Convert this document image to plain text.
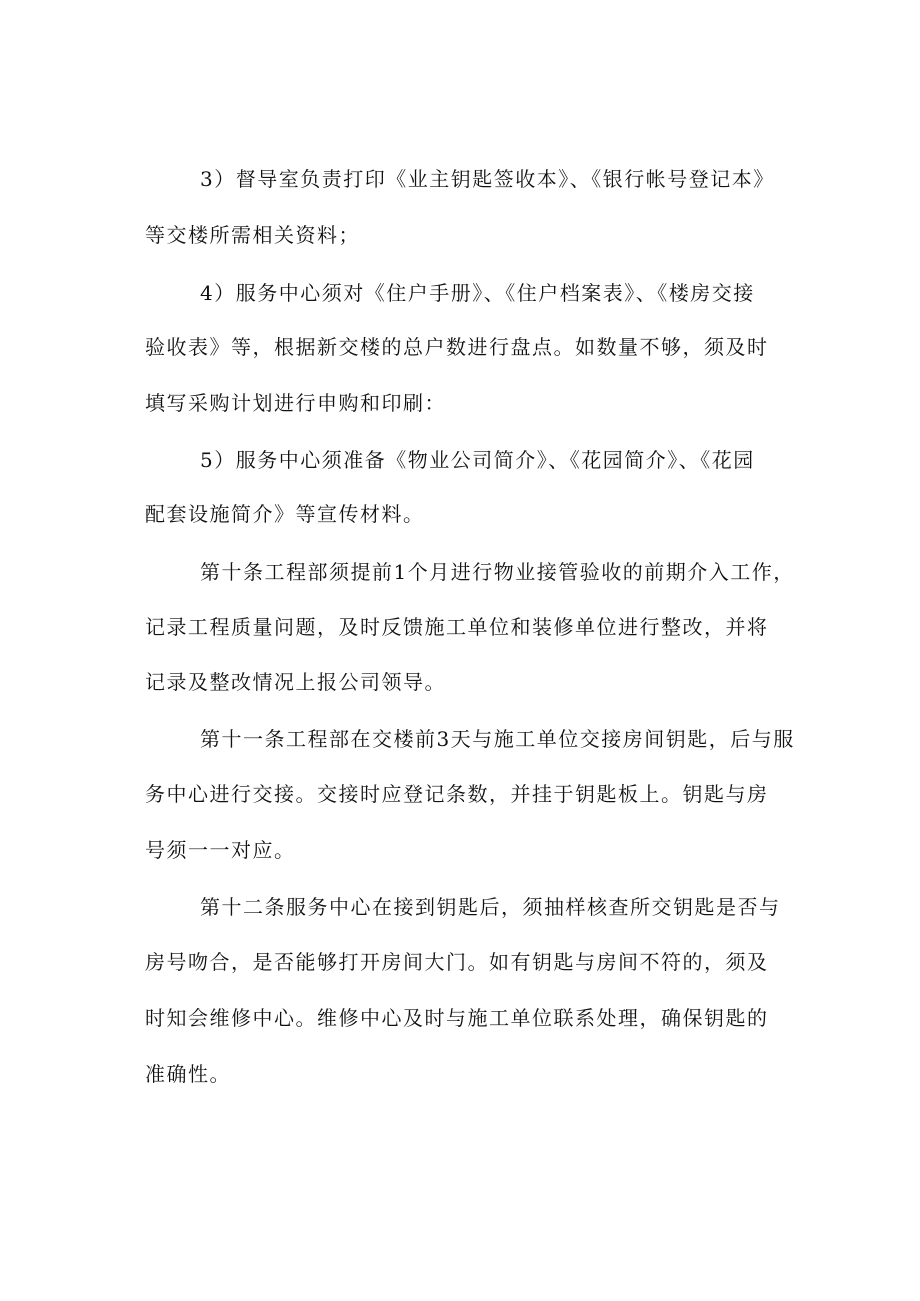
3）督导室负责打印《业主钥匙签收本》、《银行帐号登记本》
等交楼所需相关资料；
4）服务中心须对《住户手册》、《住户档案表》、《楼房交接
验收表》等，根据新交楼的总户数进行盘点。如数量不够，须及时
填写采购计划进行申购和印刷：
5）服务中心须准备《物业公司简介》、《花园简介》、《花园
配套设施简介》等宣传材料。
第十条工程部须提前1个月进行物业接管验收的前期介入工作，
记录工程质量问题，及时反馈施工单位和装修单位进行整改，并将
记录及整改情况上报公司领导。
第十一条工程部在交楼前3天与施工单位交接房间钥匙，后与服
务中心进行交接。交接时应登记条数，并挂于钥匙板上。钥匙与房
号须一一对应。
第十二条服务中心在接到钥匙后，须抽样核查所交钥匙是否与
房号吻合，是否能够打开房间大门。如有钥匙与房间不符的，须及
时知会维修中心。维修中心及时与施工单位联系处理，确保钥匙的
准确性。
